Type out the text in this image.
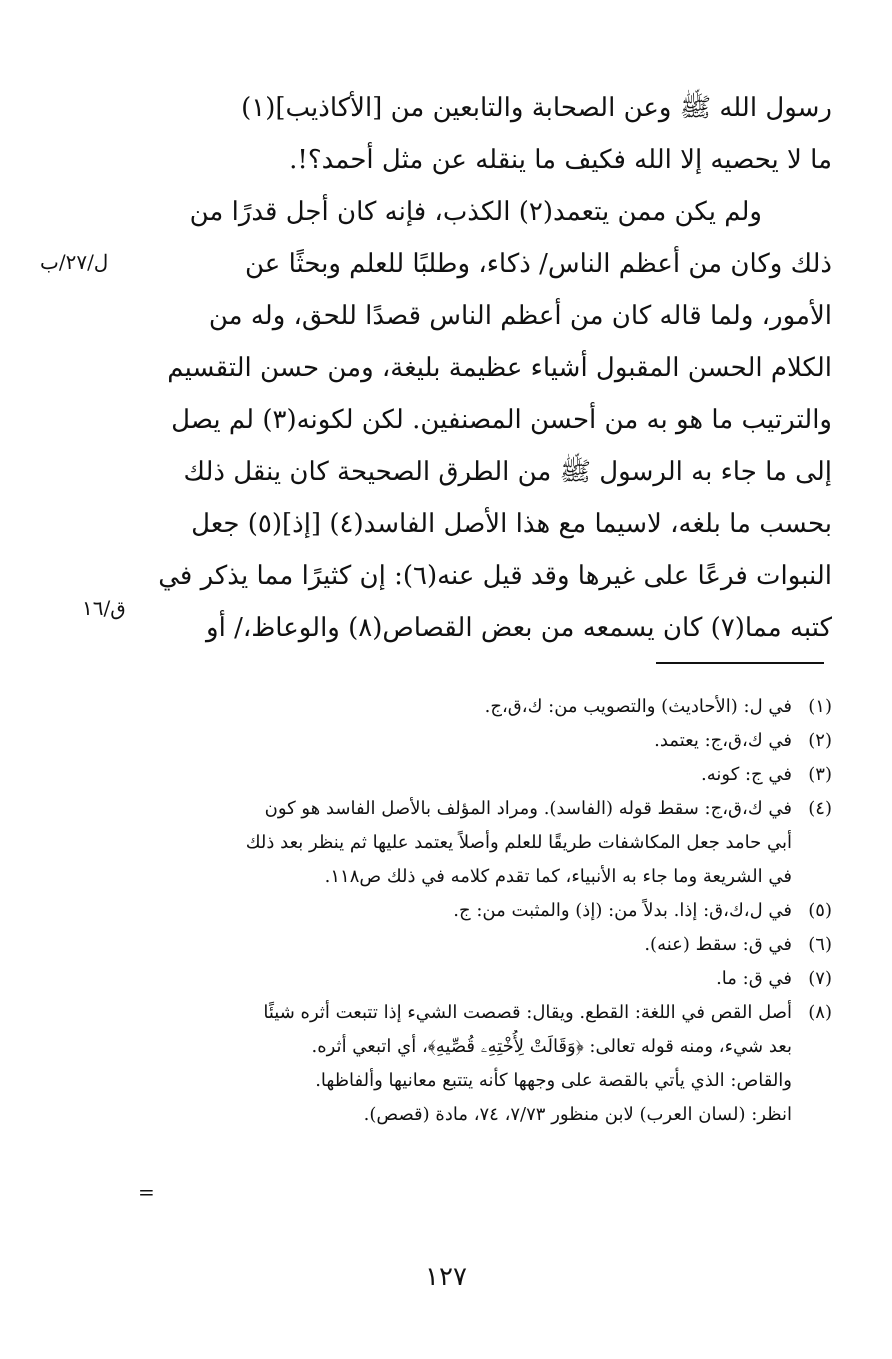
رسول الله ﷺ وعن الصحابة والتابعين من [الأكاذيب](١)
ما لا يحصيه إلا الله فكيف ما ينقله عن مثل أحمد؟!.
ولم يكن ممن يتعمد(٢) الكذب، فإنه كان أجل قدرًا من
ذلك وكان من أعظم الناس/ ذكاء، وطلبًا للعلم وبحثًا عن
الأمور، ولما قاله كان من أعظم الناس قصدًا للحق، وله من
الكلام الحسن المقبول أشياء عظيمة بليغة، ومن حسن التقسيم
والترتيب ما هو به من أحسن المصنفين. لكن لكونه(٣) لم يصل
إلى ما جاء به الرسول ﷺ من الطرق الصحيحة كان ينقل ذلك
بحسب ما بلغه، لاسيما مع هذا الأصل الفاسد(٤) [إذ](٥) جعل
النبوات فرعًا على غيرها وقد قيل عنه(٦): إن كثيرًا مما يذكر في
كتبه مما(٧) كان يسمعه من بعض القصاص(٨) والوعاظ،/ أو
ل/٢٧/ب
ق/١٦
(١)
في ل: (الأحاديث) والتصويب من: ك،ق،ج.
(٢)
في ك،ق،ج: يعتمد.
(٣)
في ج: كونه.
(٤)
في ك،ق،ج: سقط قوله (الفاسد). ومراد المؤلف بالأصل الفاسد هو كون
أبي حامد جعل المكاشفات طريقًا للعلم وأصلاً يعتمد عليها ثم ينظر بعد ذلك
في الشريعة وما جاء به الأنبياء، كما تقدم كلامه في ذلك ص١١٨.
(٥)
في ل،ك،ق: إذا. بدلاً من: (إذ) والمثبت من: ج.
(٦)
في ق: سقط (عنه).
(٧)
في ق: ما.
(٨)
أصل القص في اللغة: القطع. ويقال: قصصت الشيء إذا تتبعت أثره شيئًا
بعد شيء، ومنه قوله تعالى: ﴿وَقَالَتْ لِأُخْتِهِۦ قُصِّيهِ﴾، أي اتبعي أثره.
والقاص: الذي يأتي بالقصة على وجهها كأنه يتتبع معانيها وألفاظها.
انظر: (لسان العرب) لابن منظور ٧/٧٣، ٧٤، مادة (قصص).
=
١٢٧
